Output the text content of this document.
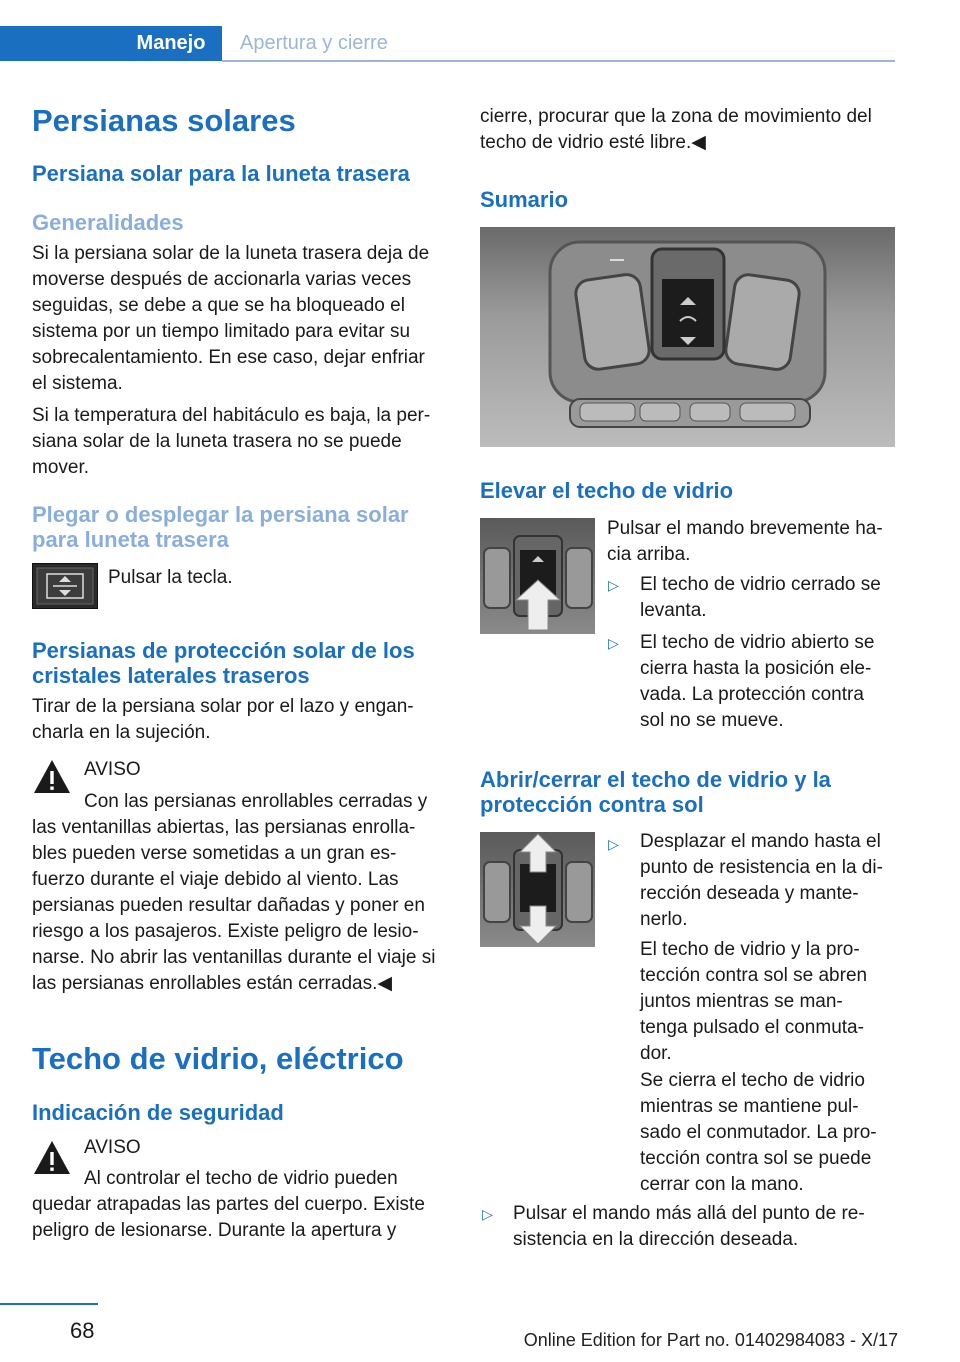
Manejo	Apertura y cierre
Persianas solares
Persiana solar para la luneta trasera
Generalidades
Si la persiana solar de la luneta trasera deja de
moverse después de accionarla varias veces
seguidas, se debe a que se ha bloqueado el
sistema por un tiempo limitado para evitar su
sobrecalentamiento. En ese caso, dejar enfriar
el sistema.
Si la temperatura del habitáculo es baja, la per‐
siana solar de la luneta trasera no se puede
mover.
Plegar o desplegar la persiana solar
para luneta trasera
Pulsar la tecla.
Persianas de protección solar de los
cristales laterales traseros
Tirar de la persiana solar por el lazo y engan‐
charla en la sujeción.
AVISO
Con las persianas enrollables cerradas y
las ventanillas abiertas, las persianas enrolla‐
bles pueden verse sometidas a un gran es‐
fuerzo durante el viaje debido al viento. Las
persianas pueden resultar dañadas y poner en
riesgo a los pasajeros. Existe peligro de lesio‐
narse. No abrir las ventanillas durante el viaje si
las persianas enrollables están cerradas.◀
Techo de vidrio, eléctrico
Indicación de seguridad
AVISO
Al controlar el techo de vidrio pueden
quedar atrapadas las partes del cuerpo. Existe
peligro de lesionarse. Durante la apertura y
cierre, procurar que la zona de movimiento del
techo de vidrio esté libre.◀
Sumario
Elevar el techo de vidrio
Pulsar el mando brevemente ha‐
cia arriba.
▷ El techo de vidrio cerrado se
levanta.
▷ El techo de vidrio abierto se
cierra hasta la posición ele‐
vada. La protección contra
sol no se mueve.
Abrir/cerrar el techo de vidrio y la
protección contra sol
▷ Desplazar el mando hasta el
punto de resistencia en la di‐
rección deseada y mante‐
nerlo.
El techo de vidrio y la pro‐
tección contra sol se abren
juntos mientras se man‐
tenga pulsado el conmuta‐
dor.
Se cierra el techo de vidrio
mientras se mantiene pul‐
sado el conmutador. La pro‐
tección contra sol se puede
cerrar con la mano.
▷ Pulsar el mando más allá del punto de re‐
sistencia en la dirección deseada.
68	Online Edition for Part no. 01402984083 - X/17
